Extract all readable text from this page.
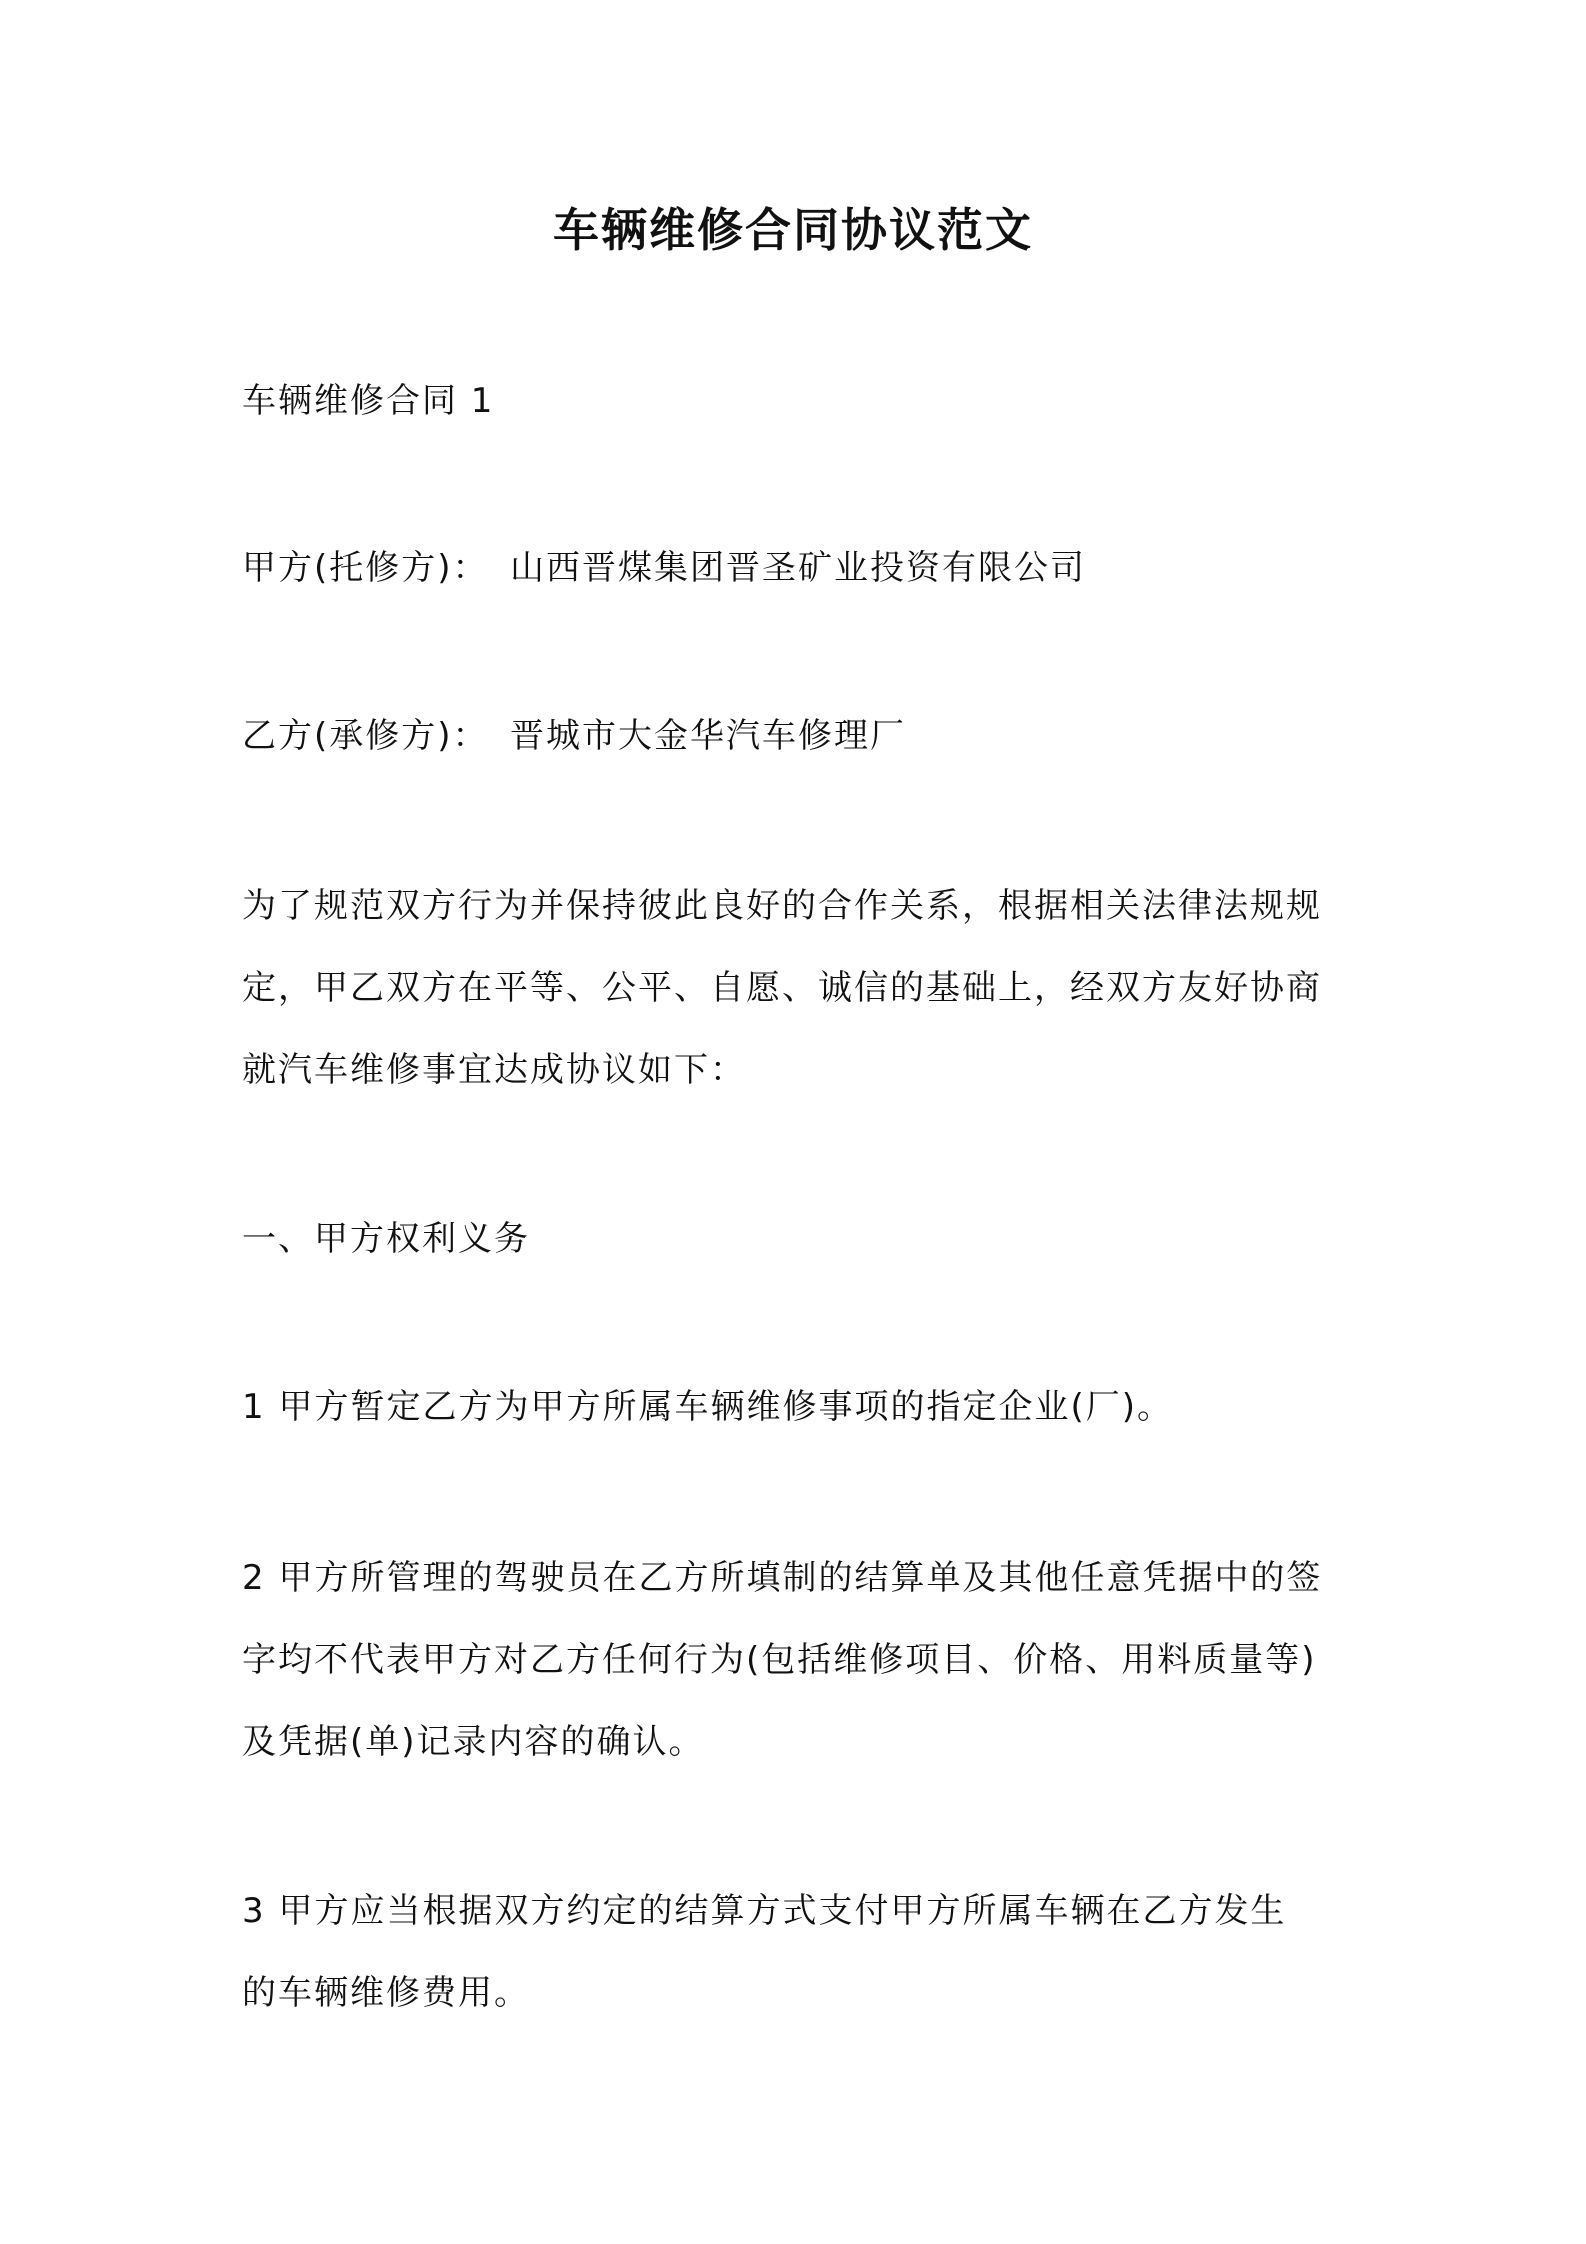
车辆维修合同协议范文
车辆维修合同 1
甲方(托修方)： 山西晋煤集团晋圣矿业投资有限公司
乙方(承修方)： 晋城市大金华汽车修理厂
为了规范双方行为并保持彼此良好的合作关系，根据相关法律法规规
定，甲乙双方在平等、公平、自愿、诚信的基础上，经双方友好协商
就汽车维修事宜达成协议如下：
一、甲方权利义务
1 甲方暂定乙方为甲方所属车辆维修事项的指定企业(厂)。
2 甲方所管理的驾驶员在乙方所填制的结算单及其他任意凭据中的签
字均不代表甲方对乙方任何行为(包括维修项目、价格、用料质量等)
及凭据(单)记录内容的确认。
3 甲方应当根据双方约定的结算方式支付甲方所属车辆在乙方发生
的车辆维修费用。
